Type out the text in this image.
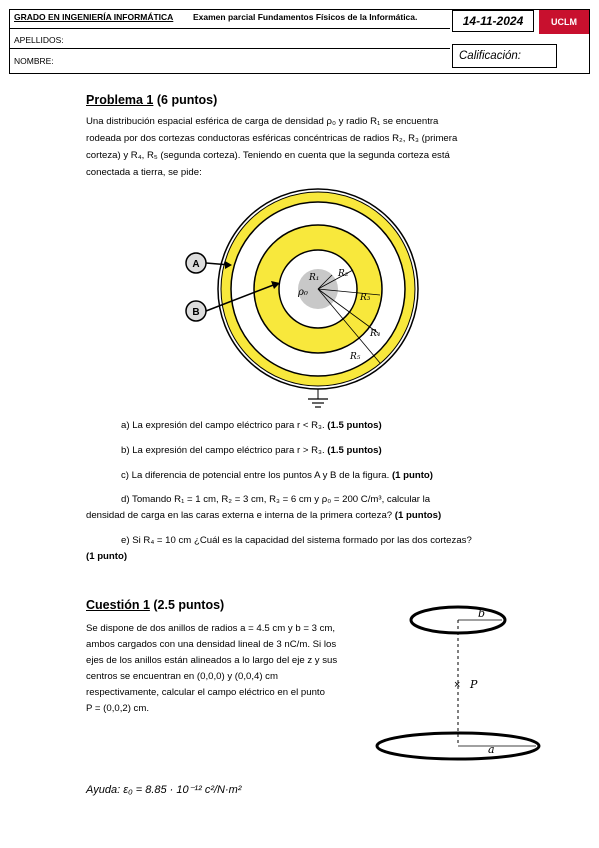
GRADO EN INGENIERÍA INFORMÁTICA Examen parcial Fundamentos Físicos de la Informática.
APELLIDOS:
NOMBRE:
14-11-2024	UCLM
Calificación:
Problema 1 (6 puntos)
Una distribución espacial esférica de carga de densidad ρ₀ y radio R₁ se encuentra
rodeada por dos cortezas conductoras esféricas concéntricas de radios R₂, R₃ (primera
corteza) y R₄, R₅ (segunda corteza). Teniendo en cuenta que la segunda corteza está
conectada a tierra, se pide:
R₁ R₂
R₃
R₄
R₅
ρ₀
A
B
a) La expresión del campo eléctrico para r < R₃. (1.5 puntos)
b) La expresión del campo eléctrico para r > R₃. (1.5 puntos)
c) La diferencia de potencial entre los puntos A y B de la figura. (1 punto)
d) Tomando R₁ = 1 cm, R₂ = 3 cm, R₃ = 6 cm y ρ₀ = 200 C/m³, calcular la
densidad de carga en las caras externa e interna de la primera corteza? (1 puntos)
e) Si R₄ = 10 cm ¿Cuál es la capacidad del sistema formado por las dos cortezas?
(1 punto)
Cuestión 1 (2.5 puntos)
Se dispone de dos anillos de radios a = 4.5 cm y b = 3 cm,
ambos cargados con una densidad lineal de 3 nC/m. Si los
ejes de los anillos están alineados a lo largo del eje z y sus
centros se encuentran en (0,0,0) y (0,0,4) cm
respectivamente, calcular el campo eléctrico en el punto
P = (0,0,2) cm.
b
a
× P
Ayuda: ε₀ = 8.85 · 10⁻¹² c²/N·m²
